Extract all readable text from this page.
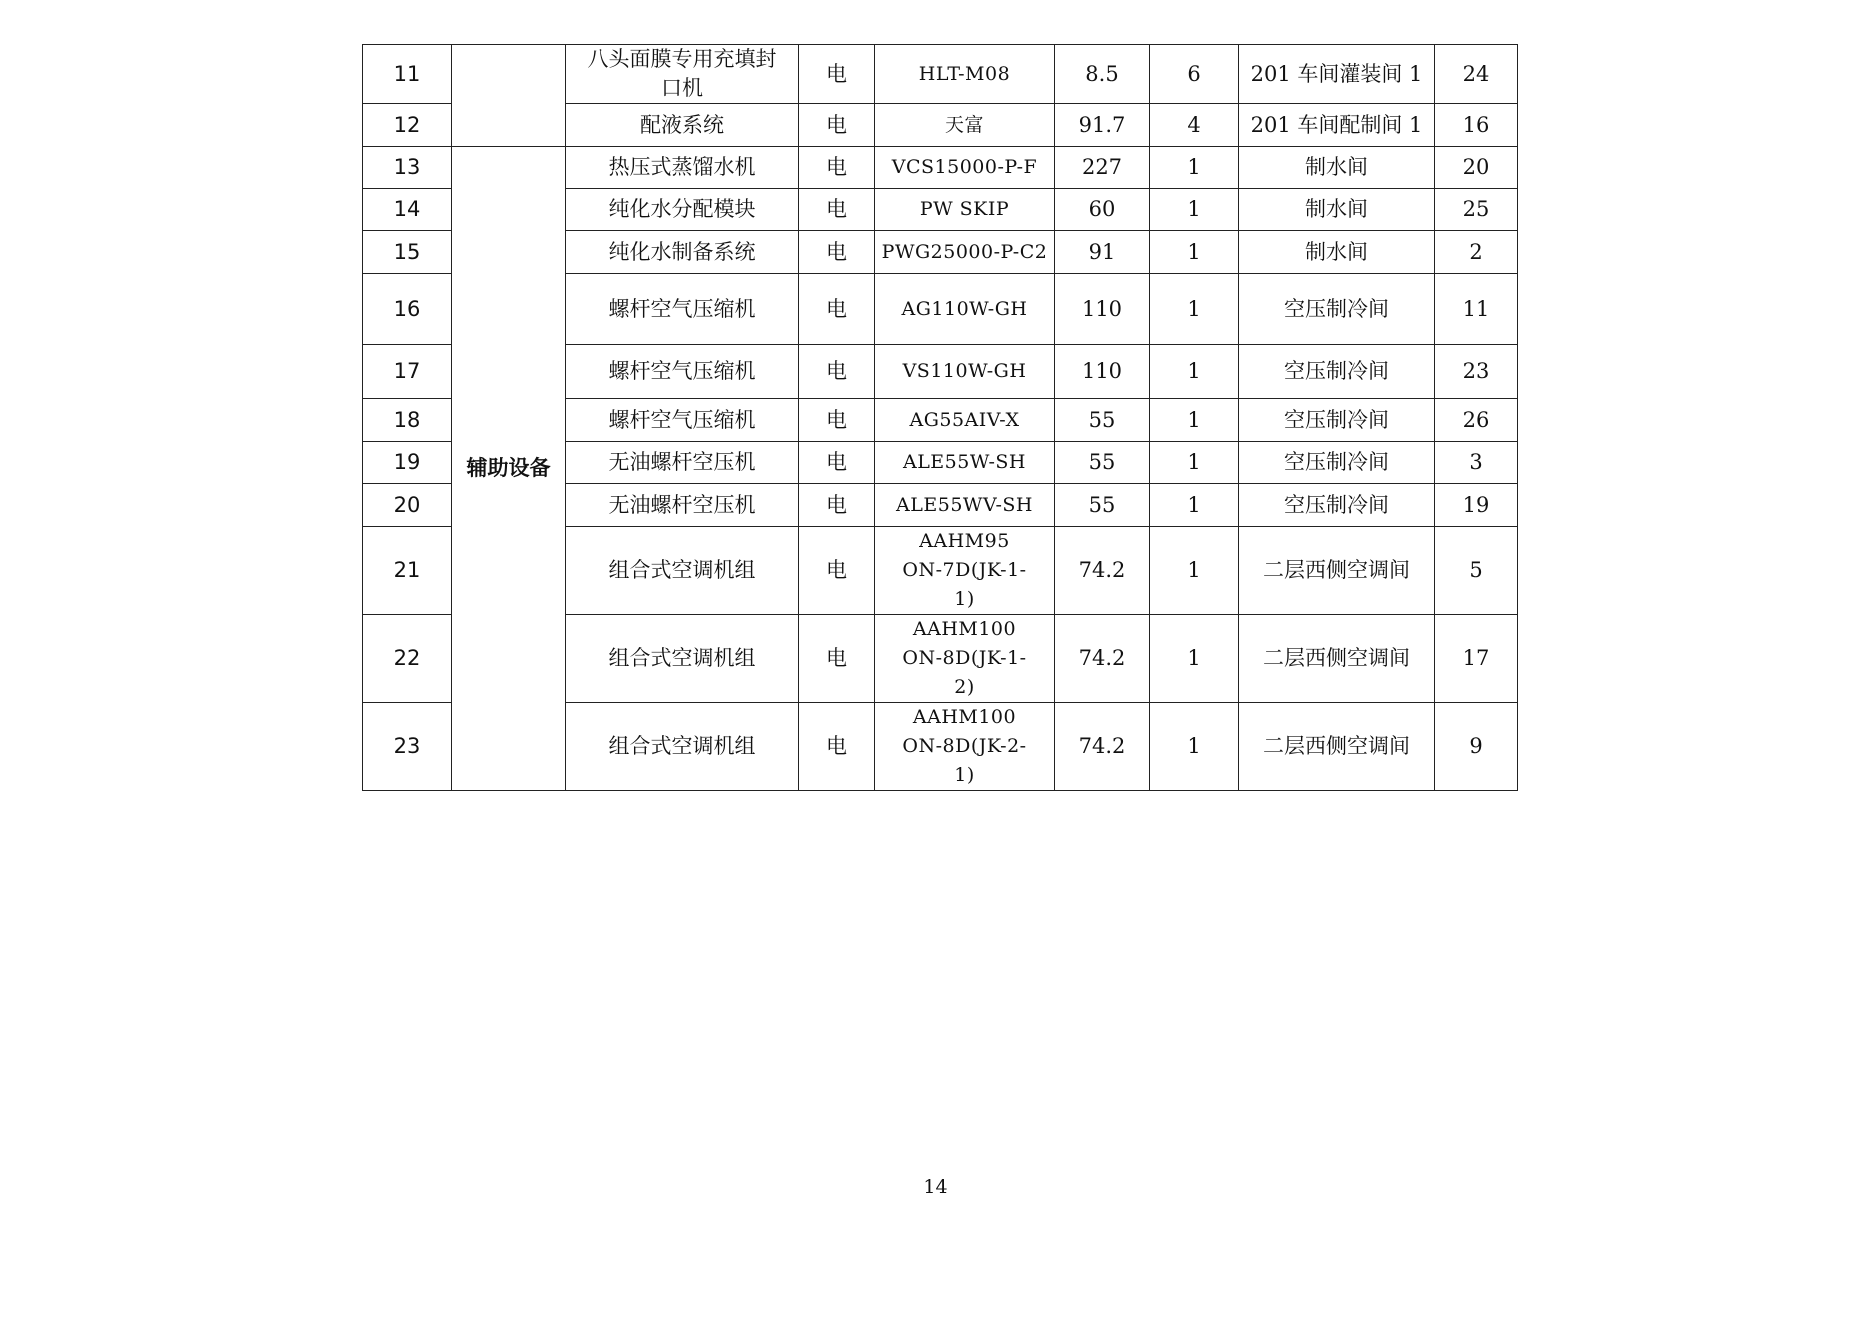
11		八头面膜专用充填封口机	电	HLT-M08	8.5	6	201 车间灌装间 1	24
12		配液系统	电	天富	91.7	4	201 车间配制间 1	16
13	辅助设备	热压式蒸馏水机	电	VCS15000-P-F	227	1	制水间	20
14		纯化水分配模块	电	PW SKIP	60	1	制水间	25
15		纯化水制备系统	电	PWG25000-P-C2	91	1	制水间	2
16		螺杆空气压缩机	电	AG110W-GH	110	1	空压制冷间	11
17		螺杆空气压缩机	电	VS110W-GH	110	1	空压制冷间	23
18		螺杆空气压缩机	电	AG55AIV-X	55	1	空压制冷间	26
19		无油螺杆空压机	电	ALE55W-SH	55	1	空压制冷间	3
20		无油螺杆空压机	电	ALE55WV-SH	55	1	空压制冷间	19
21		组合式空调机组	电	AAHM95 ON-7D(JK-1-1)	74.2	1	二层西侧空调间	5
22		组合式空调机组	电	AAHM100 ON-8D(JK-1-2)	74.2	1	二层西侧空调间	17
23		组合式空调机组	电	AAHM100 ON-8D(JK-2-1)	74.2	1	二层西侧空调间	9
14
